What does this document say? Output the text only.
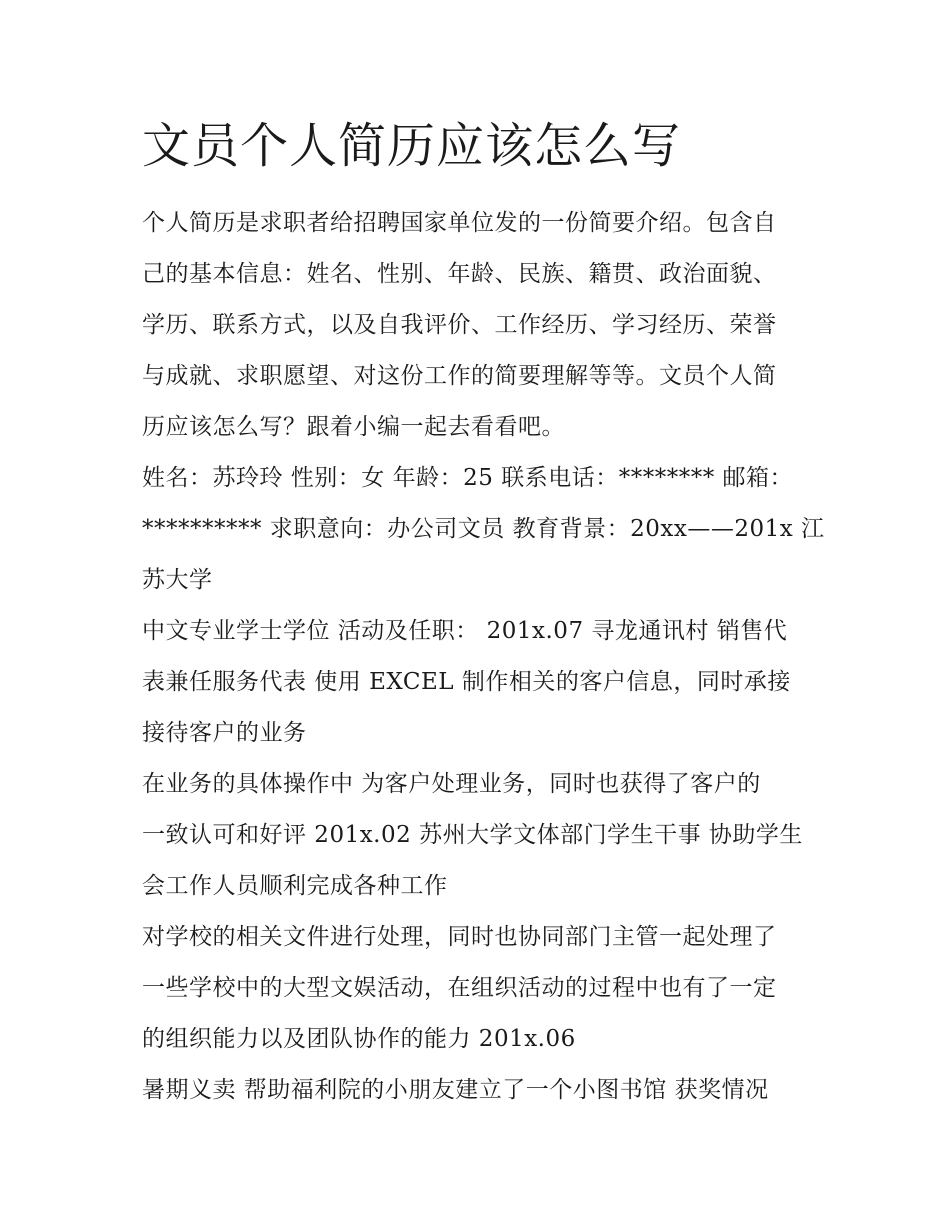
文员个人简历应该怎么写

个人简历是求职者给招聘国家单位发的一份简要介绍。包含自
己的基本信息：姓名、性别、年龄、民族、籍贯、政治面貌、
学历、联系方式，以及自我评价、工作经历、学习经历、荣誉
与成就、求职愿望、对这份工作的简要理解等等。文员个人简
历应该怎么写？跟着小编一起去看看吧。

姓名：苏玲玲 性别：女 年龄：25 联系电话：******** 邮箱：
********** 求职意向：办公司文员 教育背景：20xx——201x 江
苏大学

中文专业学士学位 活动及任职： 201x.07 寻龙通讯村 销售代
表兼任服务代表 使用 EXCEL 制作相关的客户信息，同时承接
接待客户的业务

在业务的具体操作中 为客户处理业务，同时也获得了客户的
一致认可和好评 201x.02 苏州大学文体部门学生干事 协助学生
会工作人员顺利完成各种工作

对学校的相关文件进行处理，同时也协同部门主管一起处理了
一些学校中的大型文娱活动，在组织活动的过程中也有了一定
的组织能力以及团队协作的能力 201x.06

暑期义卖 帮助福利院的小朋友建立了一个小图书馆 获奖情况
